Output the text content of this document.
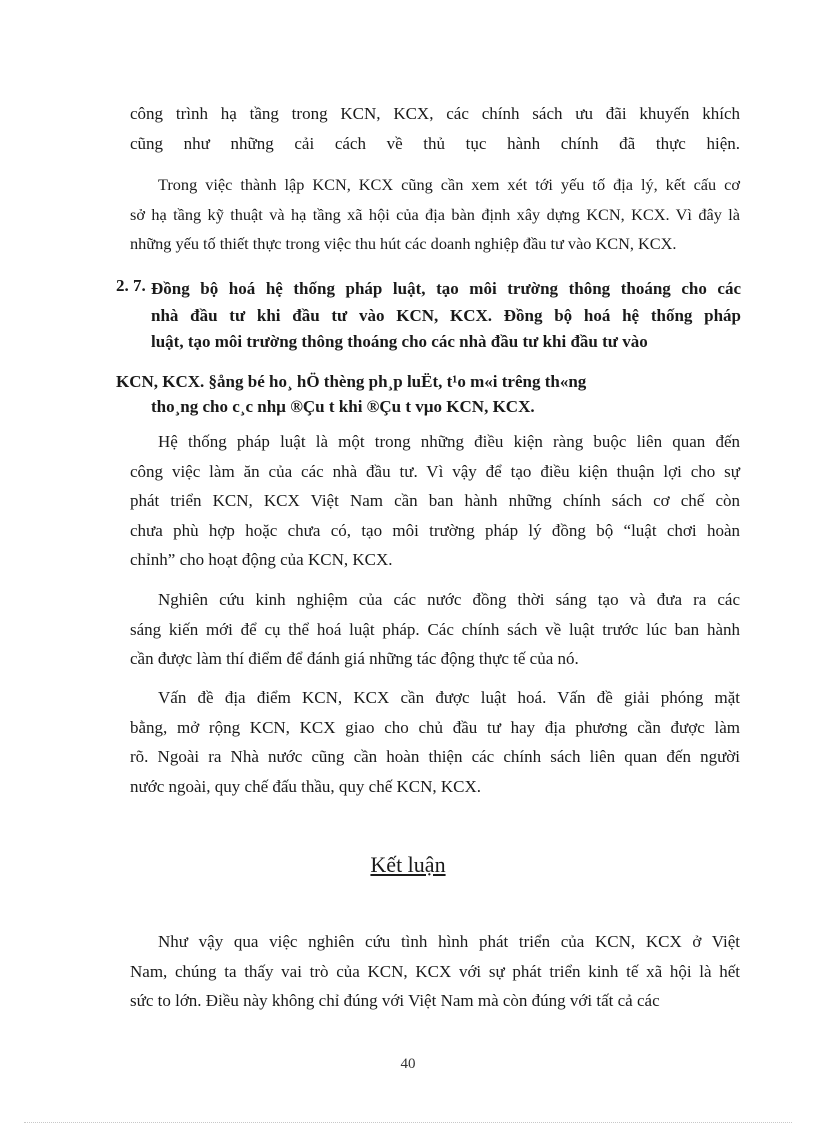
công trình hạ tầng trong KCN, KCX, các chính sách ưu đãi khuyến khích
cũng như những cải cách về thủ tục hành chính đã thực hiện.
Trong việc thành lập KCN, KCX cũng cần xem xét tới yếu tố địa lý, kết cấu cơ
sở hạ tầng kỹ thuật và hạ tầng xã hội của địa bàn định xây dựng KCN, KCX. Vì đây là
những yếu tố thiết thực trong việc thu hút các doanh nghiệp đầu tư vào KCN, KCX.
2. 7. Đồng bộ hoá hệ thống pháp luật, tạo môi trường thông thoáng cho các
nhà đầu tư khi đầu tư vào KCN, KCX. Đồng bộ hoá hệ thống pháp
luật, tạo môi trường thông thoáng cho các nhà đầu tư khi đầu tư vào
KCN, KCX. §ång bé ho¸ hÖ thèng ph¸p luËt, t¹o m«i trêng th«ng
tho¸ng cho c¸c nhµ ®Çu t khi ®Çu t vµo KCN, KCX.
Hệ thống pháp luật là một trong những điều kiện ràng buộc liên quan đến
công việc làm ăn của các nhà đầu tư. Vì vậy để tạo điều kiện thuận lợi cho sự
phát triển KCN, KCX Việt Nam cần ban hành những chính sách cơ chế còn
chưa phù hợp hoặc chưa có, tạo môi trường pháp lý đồng bộ “luật chơi hoàn
chỉnh” cho hoạt động của KCN, KCX.
Nghiên cứu kinh nghiệm của các nước đồng thời sáng tạo và đưa ra các
sáng kiến mới để cụ thể hoá luật pháp. Các chính sách về luật trước lúc ban hành
cần được làm thí điểm để đánh giá những tác động thực tế của nó.
Vấn đề địa điểm KCN, KCX cần được luật hoá. Vấn đề giải phóng mặt
bằng, mở rộng KCN, KCX giao cho chủ đầu tư hay địa phương cần được làm
rõ. Ngoài ra Nhà nước cũng cần hoàn thiện các chính sách liên quan đến người
nước ngoài, quy chế đấu thầu, quy chế KCN, KCX.
Kết luận
Như vậy qua việc nghiên cứu tình hình phát triển của KCN, KCX ở Việt
Nam, chúng ta thấy vai trò của KCN, KCX với sự phát triển kinh tế xã hội là hết
sức to lớn. Điều này không chỉ đúng với Việt Nam mà còn đúng với tất cả các
40
